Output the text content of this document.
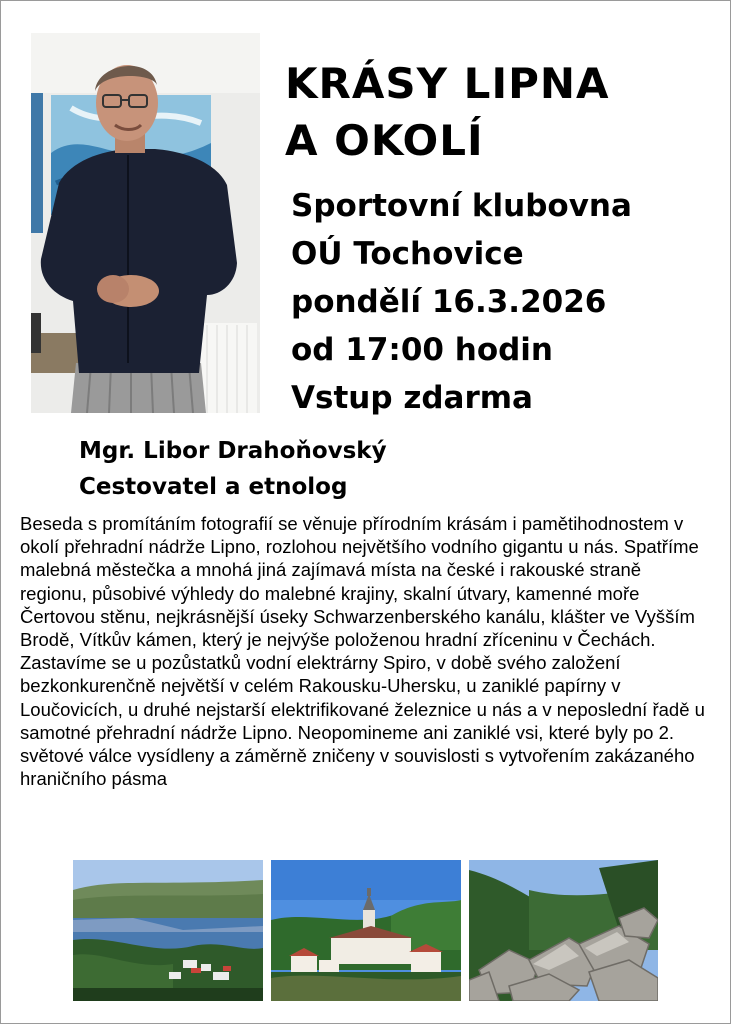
KRÁSY LIPNA
A OKOLÍ
Sportovní klubovna
OÚ Tochovice
pondělí 16.3.2026
od 17:00 hodin
Vstup zdarma
Mgr. Libor Drahoňovský
Cestovatel a etnolog

Beseda s promítáním fotografií se věnuje přírodním krásám i pamětihodnostem v okolí přehradní nádrže Lipno, rozlohou největšího vodního gigantu u nás. Spatříme malebná městečka a mnohá jiná zajímavá místa na české i rakouské straně regionu, působivé výhledy do malebné krajiny, skalní útvary, kamenné moře Čertovou stěnu, nejkrásnější úseky Schwarzenberského kanálu, klášter ve Vyšším Brodě, Vítkův kámen, který je nejvýše položenou hradní zříceninu v Čechách. Zastavíme se u pozůstatků vodní elektrárny Spiro, v době svého založení bezkonkurenčně největší v celém Rakousku-Uhersku, u zaniklé papírny v Loučovicích, u druhé nejstarší elektrifikované železnice u nás a v neposlední řadě u samotné přehradní nádrže Lipno. Neopomineme ani zaniklé vsi, které byly po 2. světové válce vysídleny a záměrně zničeny v souvislosti s vytvořením zakázaného hraničního pásma
